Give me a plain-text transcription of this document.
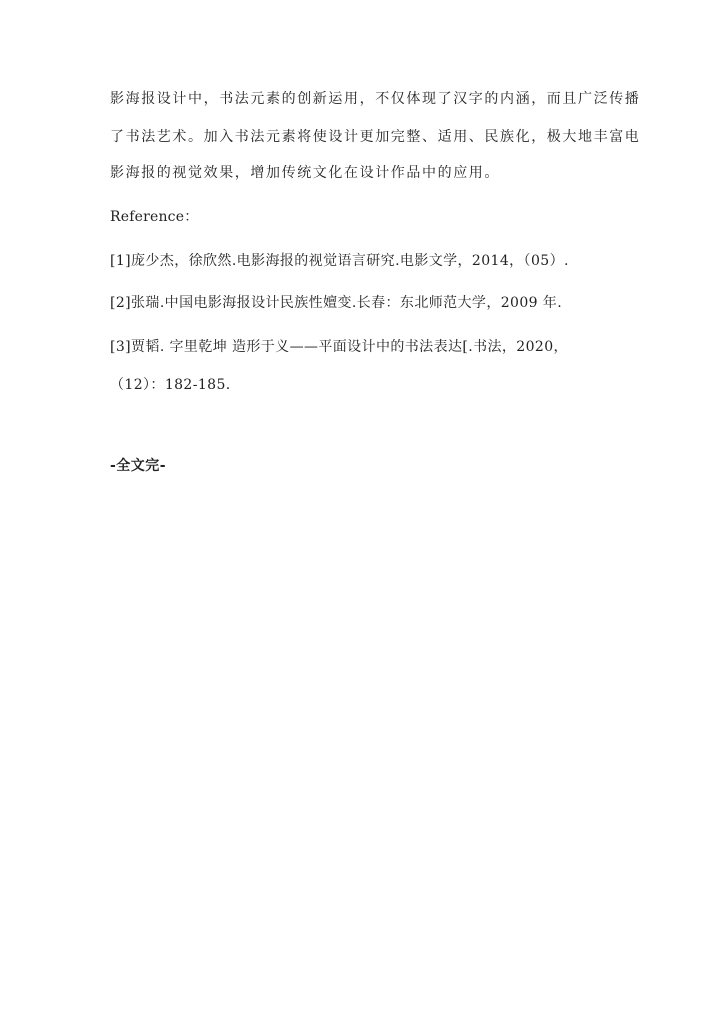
影海报设计中，书法元素的创新运用，不仅体现了汉字的内涵，而且广泛传播
了书法艺术。加入书法元素将使设计更加完整、适用、民族化，极大地丰富电
影海报的视觉效果，增加传统文化在设计作品中的应用。
Reference：
[1]庞少杰，徐欣然.电影海报的视觉语言研究.电影文学，2014，（05）.
[2]张瑞.中国电影海报设计民族性嬗变.长春：东北师范大学，2009 年.
[3]贾韬. 字里乾坤 造形于义——平面设计中的书法表达[.书法，2020，
（12）：182-185.
-全文完-
